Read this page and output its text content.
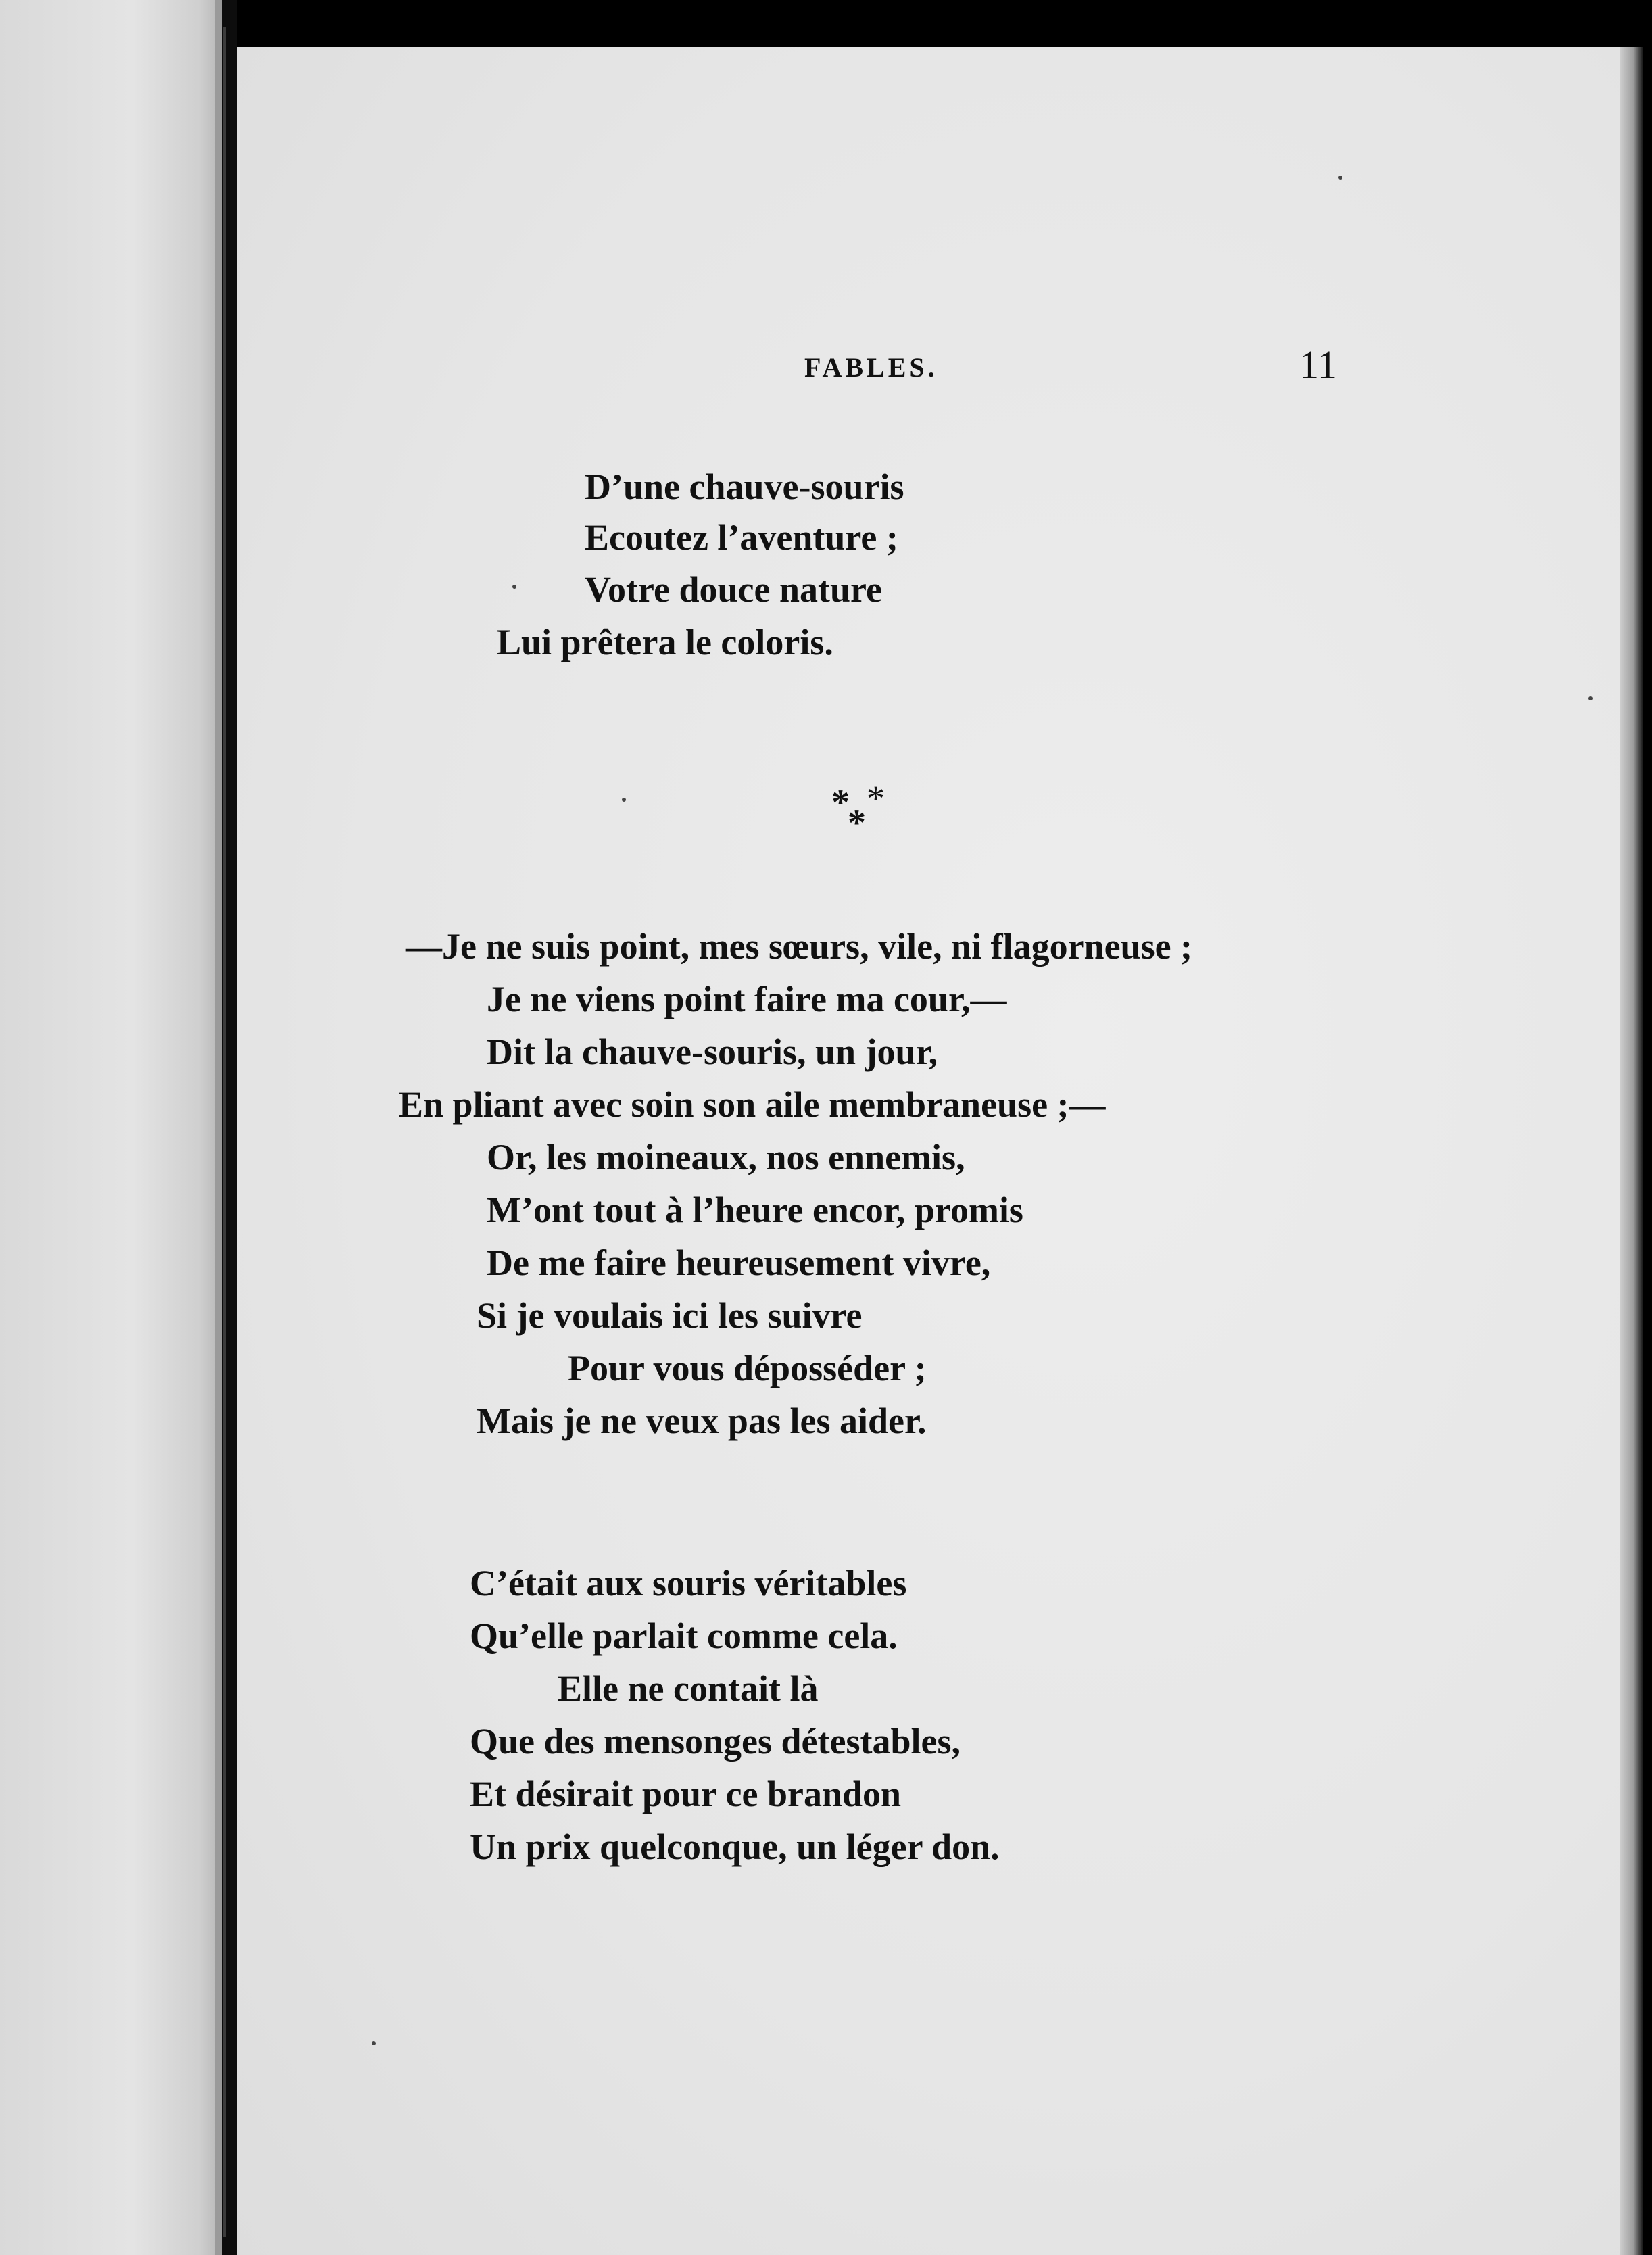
FABLES.	11
D’une chauve-souris
Ecoutez l’aventure ;
Votre douce nature
Lui prêtera le coloris.
* *
*
—Je ne suis point, mes sœurs, vile, ni flagorneuse ;
Je ne viens point faire ma cour,—
Dit la chauve-souris, un jour,
En pliant avec soin son aile membraneuse ;—
Or, les moineaux, nos ennemis,
M’ont tout à l’heure encor, promis
De me faire heureusement vivre,
Si je voulais ici les suivre
Pour vous déposséder ;
Mais je ne veux pas les aider.
C’était aux souris véritables
Qu’elle parlait comme cela.
Elle ne contait là
Que des mensonges détestables,
Et désirait pour ce brandon
Un prix quelconque, un léger don.
